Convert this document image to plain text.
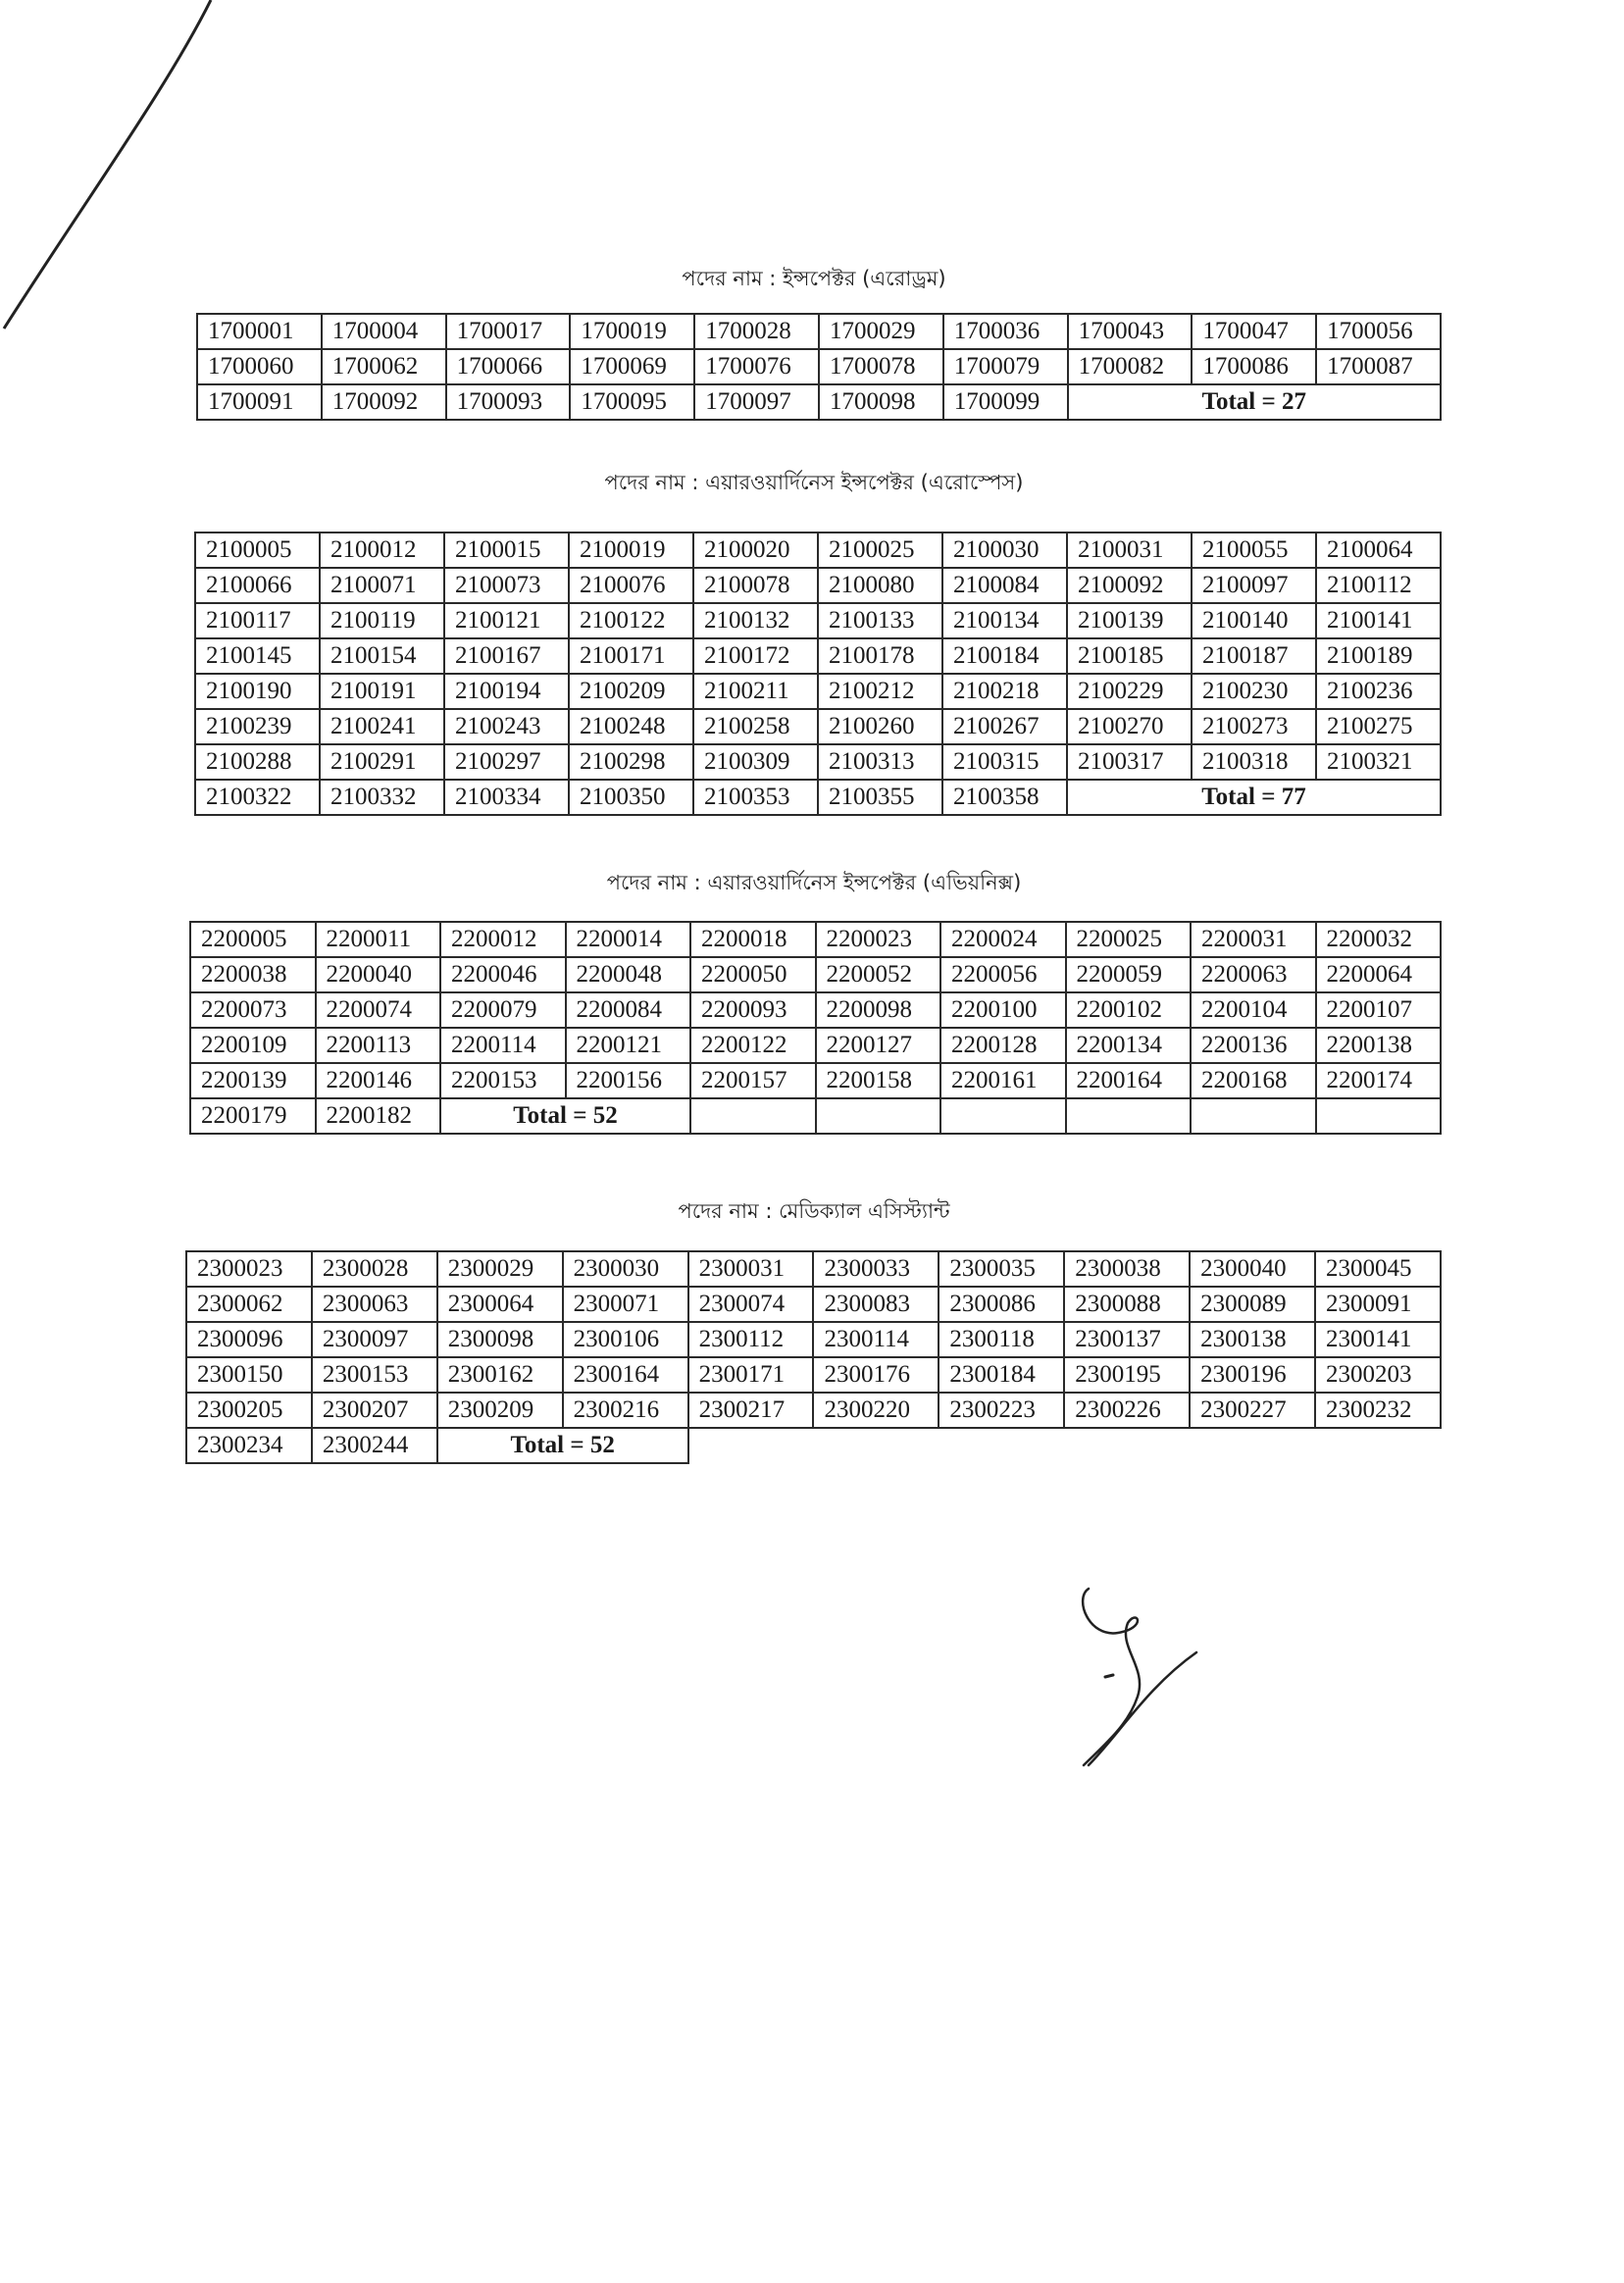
পদের নাম : ইন্সপেক্টর (এরোড্রম)
1700001	1700004	1700017	1700019	1700028	1700029	1700036	1700043	1700047	1700056
1700060	1700062	1700066	1700069	1700076	1700078	1700079	1700082	1700086	1700087
1700091	1700092	1700093	1700095	1700097	1700098	1700099	Total = 27		
পদের নাম : এয়ারওয়ার্দিনেস ইন্সপেক্টর (এরোস্পেস)
2100005	2100012	2100015	2100019	2100020	2100025	2100030	2100031	2100055	2100064
2100066	2100071	2100073	2100076	2100078	2100080	2100084	2100092	2100097	2100112
2100117	2100119	2100121	2100122	2100132	2100133	2100134	2100139	2100140	2100141
2100145	2100154	2100167	2100171	2100172	2100178	2100184	2100185	2100187	2100189
2100190	2100191	2100194	2100209	2100211	2100212	2100218	2100229	2100230	2100236
2100239	2100241	2100243	2100248	2100258	2100260	2100267	2100270	2100273	2100275
2100288	2100291	2100297	2100298	2100309	2100313	2100315	2100317	2100318	2100321
2100322	2100332	2100334	2100350	2100353	2100355	2100358	Total = 77		
পদের নাম : এয়ারওয়ার্দিনেস ইন্সপেক্টর (এভিয়নিক্স)
2200005	2200011	2200012	2200014	2200018	2200023	2200024	2200025	2200031	2200032
2200038	2200040	2200046	2200048	2200050	2200052	2200056	2200059	2200063	2200064
2200073	2200074	2200079	2200084	2200093	2200098	2200100	2200102	2200104	2200107
2200109	2200113	2200114	2200121	2200122	2200127	2200128	2200134	2200136	2200138
2200139	2200146	2200153	2200156	2200157	2200158	2200161	2200164	2200168	2200174
2200179	2200182	Total = 52							
পদের নাম : মেডিক্যাল এসিস্ট্যান্ট
2300023	2300028	2300029	2300030	2300031	2300033	2300035	2300038	2300040	2300045
2300062	2300063	2300064	2300071	2300074	2300083	2300086	2300088	2300089	2300091
2300096	2300097	2300098	2300106	2300112	2300114	2300118	2300137	2300138	2300141
2300150	2300153	2300162	2300164	2300171	2300176	2300184	2300195	2300196	2300203
2300205	2300207	2300209	2300216	2300217	2300220	2300223	2300226	2300227	2300232
2300234	2300244	Total = 52							
